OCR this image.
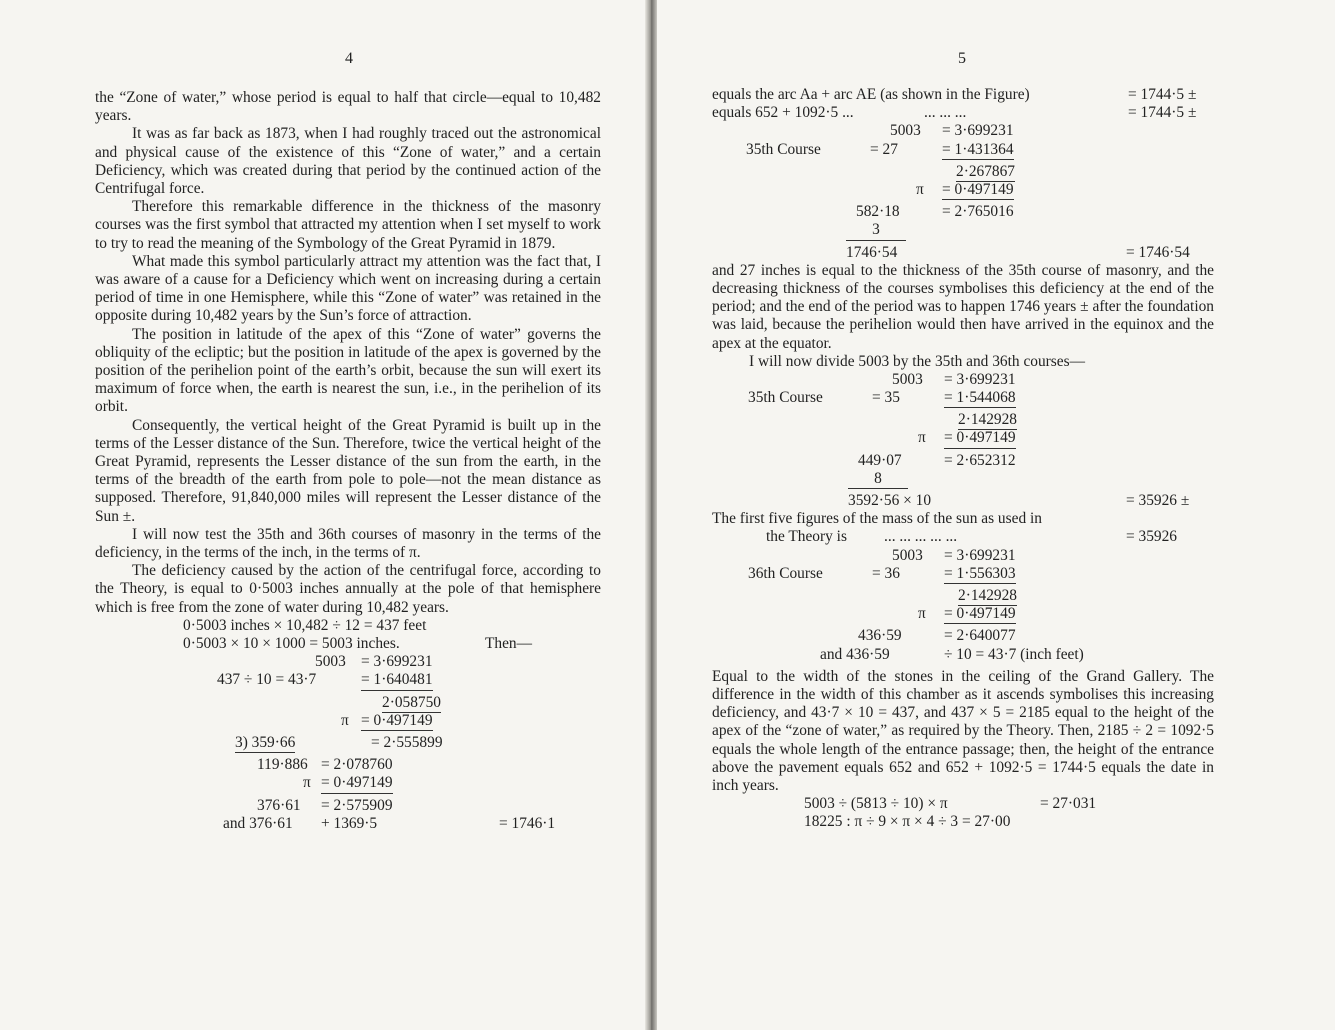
4	5

the “Zone of water,” whose period is equal to half that circle—equal to 10,482 years.

It was as far back as 1873, when I had roughly traced out the astronomical and physical cause of the existence of this “Zone of water,” and a certain Deficiency, which was created during that period by the continued action of the Centrifugal force.

Therefore this remarkable difference in the thickness of the masonry courses was the first symbol that attracted my attention when I set myself to work to try to read the meaning of the Symbology of the Great Pyramid in 1879.

What made this symbol particularly attract my attention was the fact that, I was aware of a cause for a Deficiency which went on increasing during a certain period of time in one Hemisphere, while this “Zone of water” was retained in the opposite during 10,482 years by the Sun’s force of attraction.

The position in latitude of the apex of this “Zone of water” governs the obliquity of the ecliptic; but the position in latitude of the apex is governed by the position of the perihelion point of the earth’s orbit, because the sun will exert its maximum of force when, the earth is nearest the sun, i.e., in the perihelion of its orbit.

Consequently, the vertical height of the Great Pyramid is built up in the terms of the Lesser distance of the Sun. Therefore, twice the vertical height of the Great Pyramid, represents the Lesser distance of the sun from the earth, in the terms of the breadth of the earth from pole to pole—not the mean distance as supposed. Therefore, 91,840,000 miles will represent the Lesser distance of the Sun ±.

I will now test the 35th and 36th courses of masonry in the terms of the deficiency, in the terms of the inch, in the terms of π.

The deficiency caused by the action of the centrifugal force, according to the Theory, is equal to 0·5003 inches annually at the pole of that hemisphere which is free from the zone of water during 10,482 years.

0·5003 inches × 10,482 ÷ 12 = 437 feet
0·5003 × 10 × 1000 = 5003 inches.	Then—
5003 = 3·699231
437 ÷ 10 = 43·7	= 1·640481
2·058750
π = 0·497149
3) 359·66	= 2·555899
119·886 = 2·078760
π = 0·497149
376·61 = 2·575909
and 376·61 + 1369·5	= 1746·1
equals the arc Aa + arc AE (as shown in the Figure)	= 1744·5 ±
equals 652 + 1092·5 ...	... ... ...	= 1744·5 ±
5003 = 3·699231
35th Course	= 27	= 1·431364
2·267867
π = 0·497149
582·18	= 2·765016
3
1746·54	= 1746·54

and 27 inches is equal to the thickness of the 35th course of masonry, and the decreasing thickness of the courses symbolises this deficiency at the end of the period; and the end of the period was to happen 1746 years ± after the foundation was laid, because the perihelion would then have arrived in the equinox and the apex at the equator.

I will now divide 5003 by the 35th and 36th courses—

5003 = 3·699231
35th Course	= 35	= 1·544068
2·142928
π = 0·497149
449·07	= 2·652312
8
3592·56 × 10	= 35926 ±
The first five figures of the mass of the sun as used in
the Theory is ... ... ... ... ...	= 35926
5003 = 3·699231
36th Course	= 36	= 1·556303
2·142928
π = 0·497149
436·59	= 2·640077
and 436·59	÷ 10 = 43·7 (inch feet)

Equal to the width of the stones in the ceiling of the Grand Gallery. The difference in the width of this chamber as it ascends symbolises this increasing deficiency, and 43·7 × 10 = 437, and 437 × 5 = 2185 equal to the height of the apex of the “zone of water,” as required by the Theory. Then, 2185 ÷ 2 = 1092·5 equals the whole length of the entrance passage; then, the height of the entrance above the pavement equals 652 and 652 + 1092·5 = 1744·5 equals the date in inch years.

5003 ÷ (5813 ÷ 10) × π	= 27·031
18225 : π ÷ 9 × π × 4 ÷ 3 = 27·00
